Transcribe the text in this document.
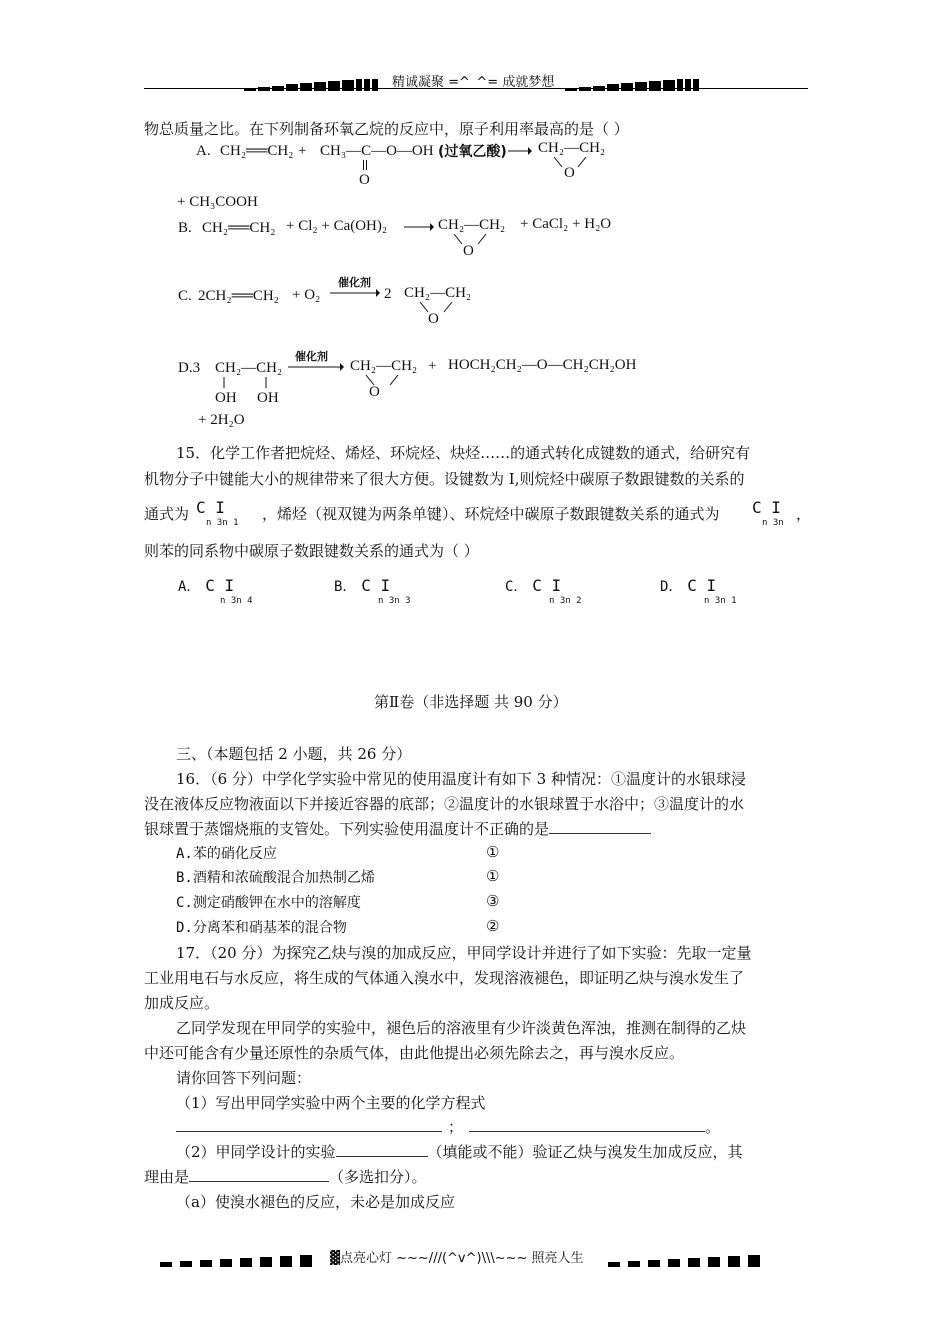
精诚凝聚 =^_^= 成就梦想
物总质量之比。在下列制备环氧乙烷的反应中，原子利用率最高的是（ ）
A. CH₂══CH₂ + CH₃—C—O—OH
O
(过氧乙酸) CH₂—CH₂
O
+ CH₃COOH
B. CH₂══CH₂ + Cl₂ + Ca(OH)₂	CH₂—CH₂
O
+ CaCl₂ + H₂O
C. 2CH₂══CH₂ + O₂
催化剂
2 CH₂—CH₂
O
D.3 CH₂—CH₂
OH OH
催化剂
CH₂—CH₂
O
+ HOCH₂CH₂—O—CH₂CH₂OH
+ 2H₂O
15．化学工作者把烷烃、烯烃、环烷烃、炔烃……的通式转化成键数的通式，给研究有
机物分子中键能大小的规律带来了很大方便。设键数为 I,则烷烃中碳原子数跟键数的关系的
通式为 C I
n 3n 1 ，烯烃（视双键为两条单键）、环烷烃中碳原子数跟键数关系的通式为 C I
n 3n ，
则苯的同系物中碳原子数跟键数关系的通式为（ ）
A． C I
n 3n 4
B． C I
n 3n 3
C． C I
n 3n 2
D． C I
n 3n 1
第Ⅱ卷（非选择题 共 90 分）
三、（本题包括 2 小题，共 26 分）
16．（6 分）中学化学实验中常见的使用温度计有如下 3 种情况：①温度计的水银球浸
没在液体反应物液面以下并接近容器的底部；②温度计的水银球置于水浴中；③温度计的水
银球置于蒸馏烧瓶的支管处。下列实验使用温度计不正确的是
A.苯的硝化反应	①
B.酒精和浓硫酸混合加热制乙烯	①
C.测定硝酸钾在水中的溶解度	③
D.分离苯和硝基苯的混合物	②
17．（20 分）为探究乙炔与溴的加成反应，甲同学设计并进行了如下实验：先取一定量
工业用电石与水反应，将生成的气体通入溴水中，发现溶液褪色，即证明乙炔与溴水发生了
加成反应。
乙同学发现在甲同学的实验中，褪色后的溶液里有少许淡黄色浑浊，推测在制得的乙炔
中还可能含有少量还原性的杂质气体，由此他提出必须先除去之，再与溴水反应。
请你回答下列问题：
（1）写出甲同学实验中两个主要的化学方程式
；	。
（2）甲同学设计的实验	（填能或不能）验证乙炔与溴发生加成反应，其
理由是	（多选扣分）。
（a）使溴水褪色的反应，未必是加成反应
▓点亮心灯 ~~~///(^v^)\\\~~~ 照亮人生
